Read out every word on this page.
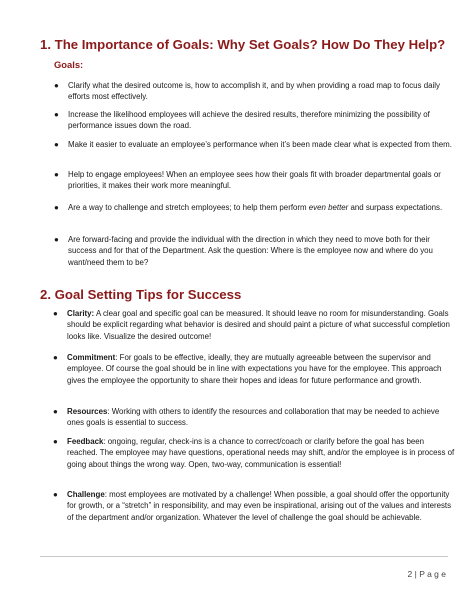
1. The Importance of Goals: Why Set Goals? How Do They Help?

Goals:

● Clarify what the desired outcome is, how to accomplish it, and by when providing a road map to focus daily efforts most effectively.
● Increase the likelihood employees will achieve the desired results, therefore minimizing the possibility of performance issues down the road.
● Make it easier to evaluate an employee’s performance when it’s been made clear what is expected from them.
● Help to engage employees! When an employee sees how their goals fit with broader departmental goals or priorities, it makes their work more meaningful.
● Are a way to challenge and stretch employees; to help them perform even better and surpass expectations.
● Are forward-facing and provide the individual with the direction in which they need to move both for their success and for that of the Department. Ask the question: Where is the employee now and where do you want/need them to be?
2. Goal Setting Tips for Success
● Clarity: A clear goal and specific goal can be measured. It should leave no room for misunderstanding. Goals should be explicit regarding what behavior is desired and should paint a picture of what successful completion looks like. Visualize the desired outcome!
● Commitment: For goals to be effective, ideally, they are mutually agreeable between the supervisor and employee. Of course the goal should be in line with expectations you have for the employee. This approach gives the employee the opportunity to share their hopes and ideas for future performance and growth.
● Resources: Working with others to identify the resources and collaboration that may be needed to achieve ones goals is essential to success.
● Feedback: ongoing, regular, check-ins is a chance to correct/coach or clarify before the goal has been reached. The employee may have questions, operational needs may shift, and/or the employee is in process of going about things the wrong way. Open, two-way, communication is essential!
● Challenge: most employees are motivated by a challenge! When possible, a goal should offer the opportunity for growth, or a “stretch” in responsibility, and may even be inspirational, arising out of the values and interests of the department and/or organization. Whatever the level of challenge the goal should be achievable.
2 | P a g e
